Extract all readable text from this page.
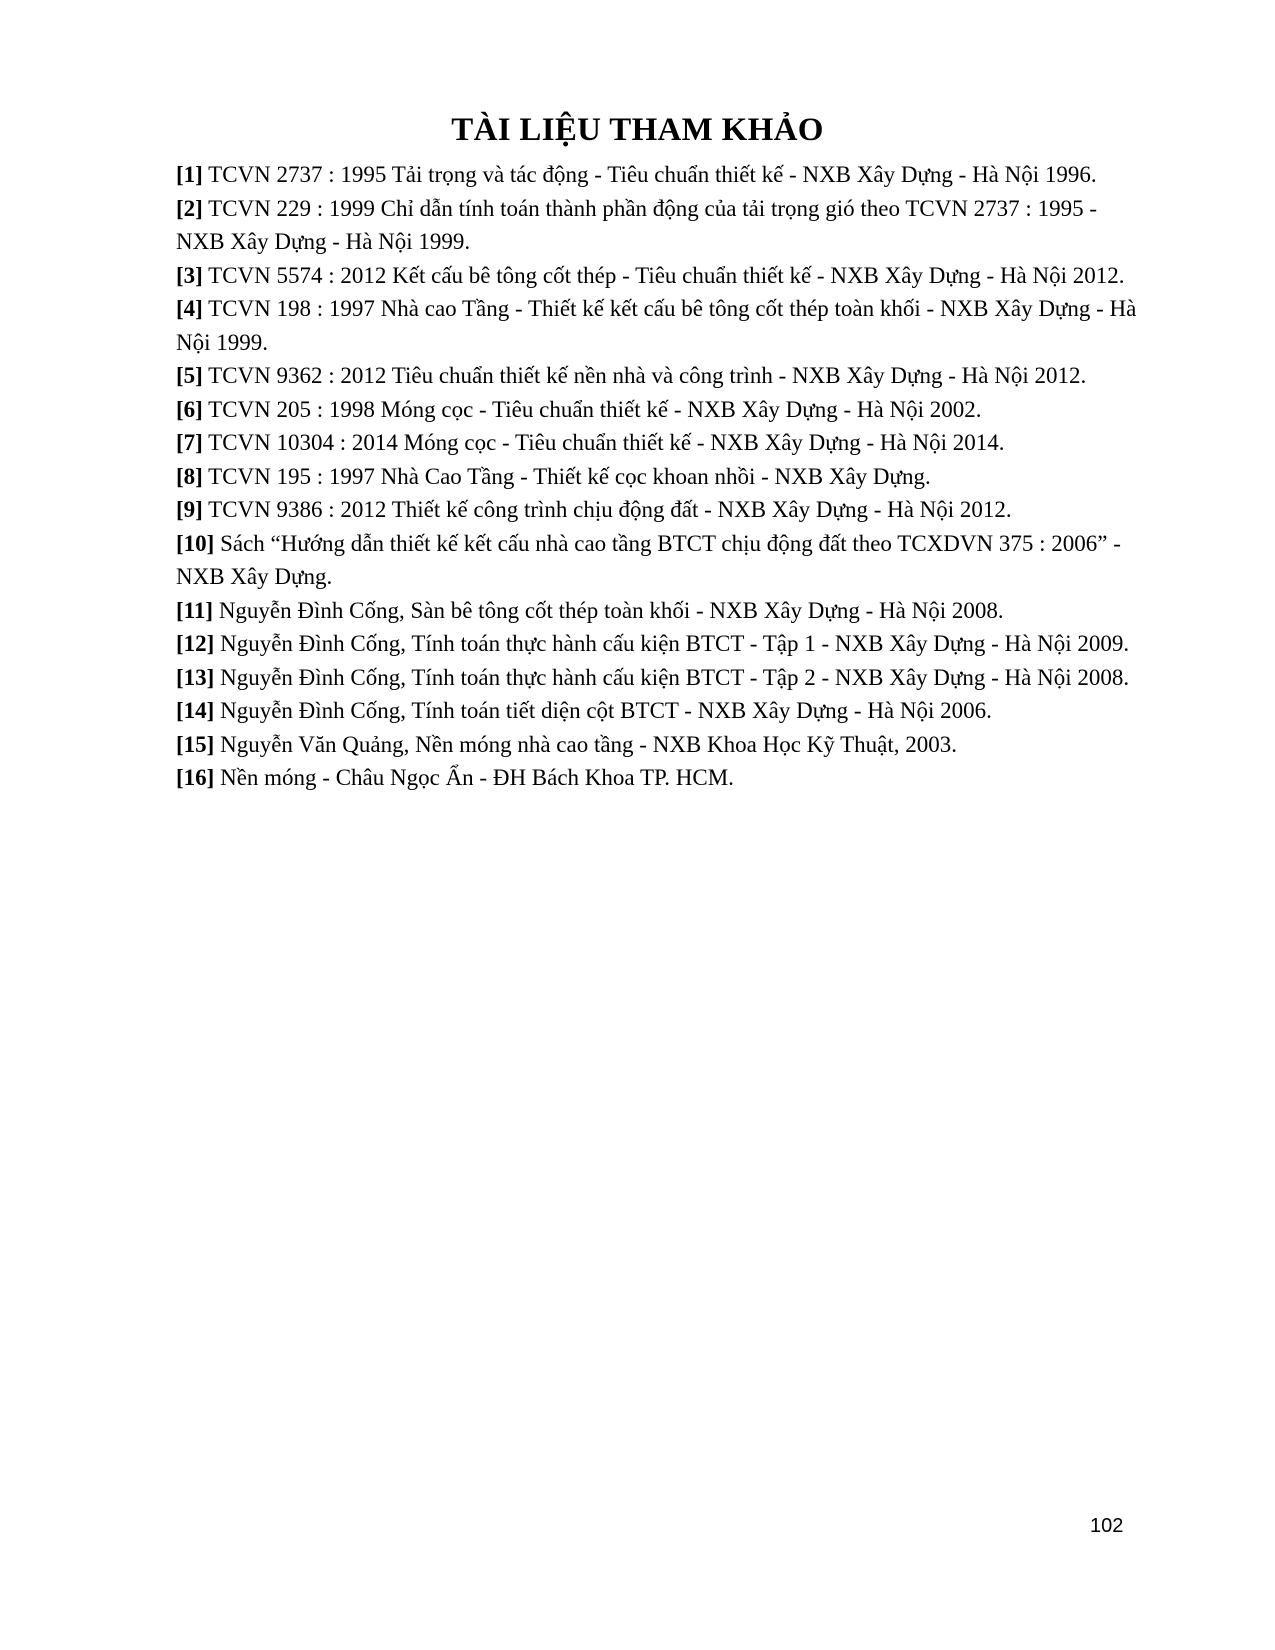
TÀI LIỆU THAM KHẢO
[1] TCVN 2737 : 1995 Tải trọng và tác động - Tiêu chuẩn thiết kế - NXB Xây Dựng - Hà Nội 1996.
[2] TCVN 229 : 1999 Chỉ dẫn tính toán thành phần động của tải trọng gió theo TCVN 2737 : 1995 - NXB Xây Dựng - Hà Nội 1999.
[3] TCVN 5574 : 2012 Kết cấu bê tông cốt thép - Tiêu chuẩn thiết kế - NXB Xây Dựng - Hà Nội 2012.
[4] TCVN 198 : 1997 Nhà cao Tầng - Thiết kế kết cấu bê tông cốt thép toàn khối - NXB Xây Dựng - Hà Nội 1999.
[5] TCVN 9362 : 2012 Tiêu chuẩn thiết kế nền nhà và công trình - NXB Xây Dựng - Hà Nội 2012.
[6] TCVN 205 : 1998 Móng cọc - Tiêu chuẩn thiết kế - NXB Xây Dựng - Hà Nội 2002.
[7] TCVN 10304 : 2014 Móng cọc - Tiêu chuẩn thiết kế - NXB Xây Dựng - Hà Nội 2014.
[8] TCVN 195 : 1997 Nhà Cao Tầng - Thiết kế cọc khoan nhồi - NXB Xây Dựng.
[9] TCVN 9386 : 2012 Thiết kế công trình chịu động đất - NXB Xây Dựng - Hà Nội 2012.
[10] Sách “Hướng dẫn thiết kế kết cấu nhà cao tầng BTCT chịu động đất theo TCXDVN 375 : 2006” - NXB Xây Dựng.
[11] Nguyễn Đình Cống, Sàn bê tông cốt thép toàn khối - NXB Xây Dựng - Hà Nội 2008.
[12] Nguyễn Đình Cống, Tính toán thực hành cấu kiện BTCT - Tập 1 - NXB Xây Dựng - Hà Nội 2009.
[13] Nguyễn Đình Cống, Tính toán thực hành cấu kiện BTCT - Tập 2 - NXB Xây Dựng - Hà Nội 2008.
[14] Nguyễn Đình Cống, Tính toán tiết diện cột BTCT - NXB Xây Dựng - Hà Nội 2006.
[15] Nguyễn Văn Quảng, Nền móng nhà cao tầng - NXB Khoa Học Kỹ Thuật, 2003.
[16] Nền móng - Châu Ngọc Ẩn - ĐH Bách Khoa TP. HCM.
102
